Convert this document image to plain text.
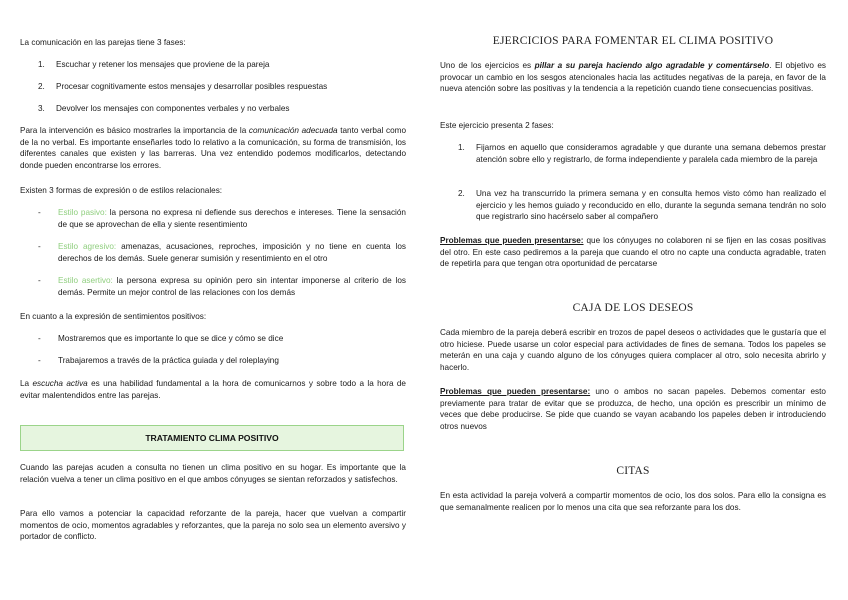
La comunicación en las parejas tiene 3 fases:

1. Escuchar y retener los mensajes que proviene de la pareja
2. Procesar cognitivamente estos mensajes y desarrollar posibles respuestas
3. Devolver los mensajes con componentes verbales y no verbales

Para la intervención es básico mostrarles la importancia de la comunicación adecuada tanto verbal como de la no verbal. Es importante enseñarles todo lo relativo a la comunicación, su forma de transmisión, los diferentes canales que existen y las barreras. Una vez entendido podemos modificarlos, detectando donde pueden encontrarse los errores.

Existen 3 formas de expresión o de estilos relacionales:

- Estilo pasivo: la persona no expresa ni defiende sus derechos e intereses. Tiene la sensación de que se aprovechan de ella y siente resentimiento

- Estilo agresivo: amenazas, acusaciones, reproches, imposición y no tiene en cuenta los derechos de los demás. Suele generar sumisión y resentimiento en el otro

- Estilo asertivo: la persona expresa su opinión pero sin intentar imponerse al criterio de los demás. Permite un mejor control de las relaciones con los demás

En cuanto a la expresión de sentimientos positivos:

- Mostraremos que es importante lo que se dice y cómo se dice
- Trabajaremos a través de la práctica guiada y del roleplaying

La escucha activa es una habilidad fundamental a la hora de comunicarnos y sobre todo a la hora de evitar malentendidos entre las parejas.

TRATAMIENTO CLIMA POSITIVO

Cuando las parejas acuden a consulta no tienen un clima positivo en su hogar. Es importante que la relación vuelva a tener un clima positivo en el que ambos cónyuges se sientan reforzados y satisfechos.

Para ello vamos a potenciar la capacidad reforzante de la pareja, hacer que vuelvan a compartir momentos de ocio, momentos agradables y reforzantes, que la pareja no solo sea un elemento aversivo y portador de conflicto.

EJERCICIOS PARA FOMENTAR EL CLIMA POSITIVO

Uno de los ejercicios es pillar a su pareja haciendo algo agradable y comentárselo. El objetivo es provocar un cambio en los sesgos atencionales hacia las actitudes negativas de la pareja, en favor de la nueva atención sobre las positivas y la tendencia a la repetición cuando tiene consecuencias positivas.

Este ejercicio presenta 2 fases:

1. Fijarnos en aquello que consideramos agradable y que durante una semana debemos prestar atención sobre ello y registrarlo, de forma independiente y paralela cada miembro de la pareja

2. Una vez ha transcurrido la primera semana y en consulta hemos visto cómo han realizado el ejercicio y les hemos guiado y reconducido en ello, durante la segunda semana tendrán no solo que registrarlo sino hacérselo saber al compañero

Problemas que pueden presentarse: que los cónyuges no colaboren ni se fijen en las cosas positivas del otro. En este caso pediremos a la pareja que cuando el otro no capte una conducta agradable, traten de repetirla para que tengan otra oportunidad de percatarse

CAJA DE LOS DESEOS

Cada miembro de la pareja deberá escribir en trozos de papel deseos o actividades que le gustaría que el otro hiciese. Puede usarse un color especial para actividades de fines de semana. Todos los papeles se meterán en una caja y cuando alguno de los cónyuges quiera complacer al otro, solo necesita abrirlo y hacerlo.

Problemas que pueden presentarse: uno o ambos no sacan papeles. Debemos comentar esto previamente para tratar de evitar que se produzca, de hecho, una opción es prescribir un mínimo de veces que debe producirse. Se pide que cuando se vayan acabando los papeles deben ir introduciendo otros nuevos

CITAS

En esta actividad la pareja volverá a compartir momentos de ocio, los dos solos. Para ello la consigna es que semanalmente realicen por lo menos una cita que sea reforzante para los dos.
